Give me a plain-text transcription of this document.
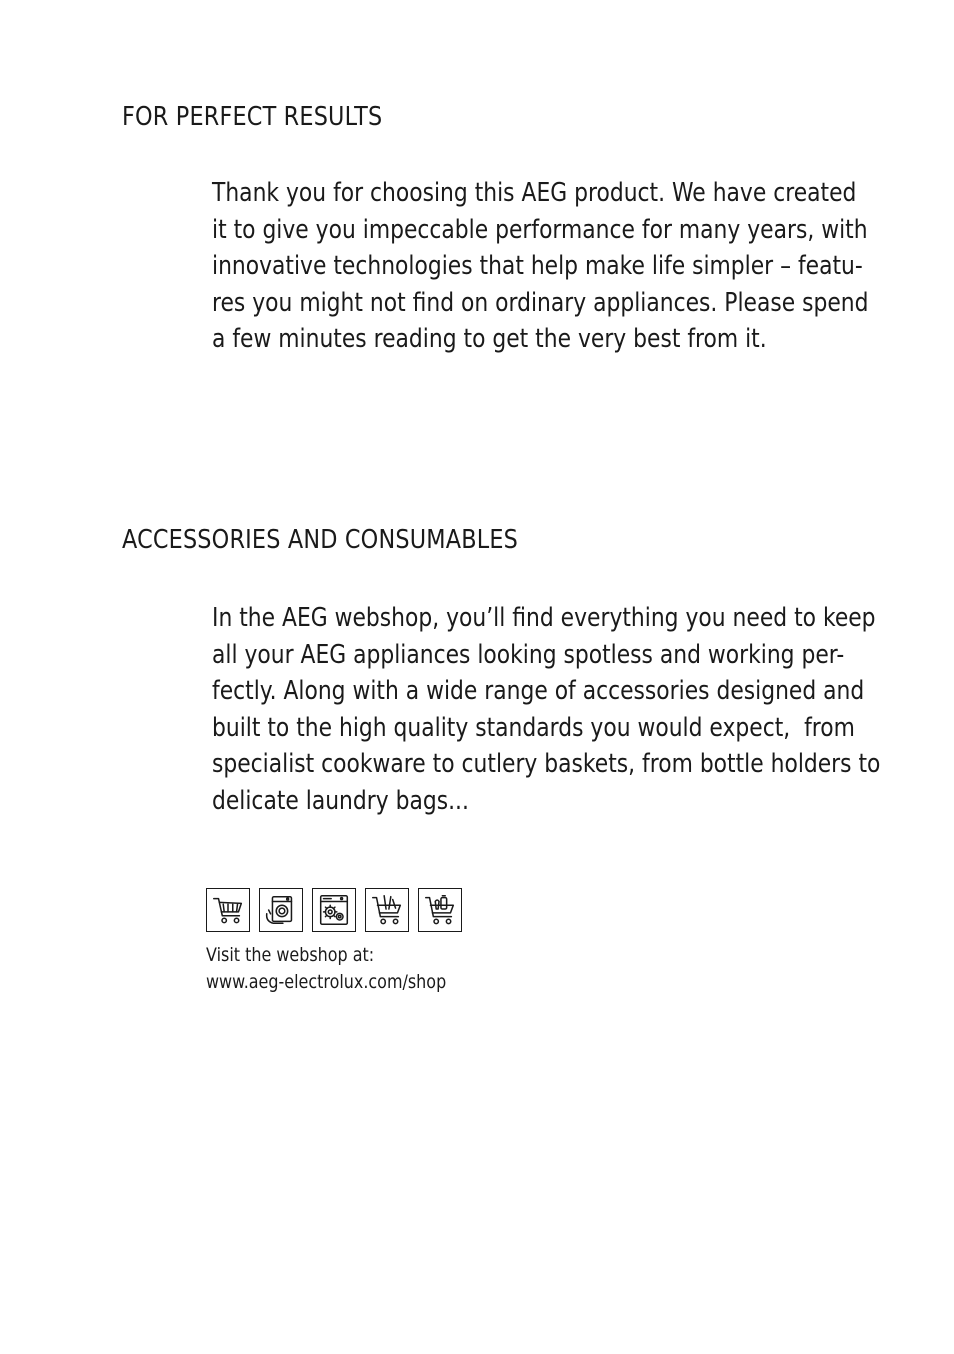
FOR PERFECT RESULTS

Thank you for choosing this AEG product. We have created
it to give you impeccable performance for many years, with
innovative technologies that help make life simpler – featu-
res you might not find on ordinary appliances. Please spend
a few minutes reading to get the very best from it.

ACCESSORIES AND CONSUMABLES

In the AEG webshop, you’ll find everything you need to keep
all your AEG appliances looking spotless and working per-
fectly. Along with a wide range of accessories designed and
built to the high quality standards you would expect,  from
specialist cookware to cutlery baskets, from bottle holders to
delicate laundry bags...

Visit the webshop at:
www.aeg-electrolux.com/shop
